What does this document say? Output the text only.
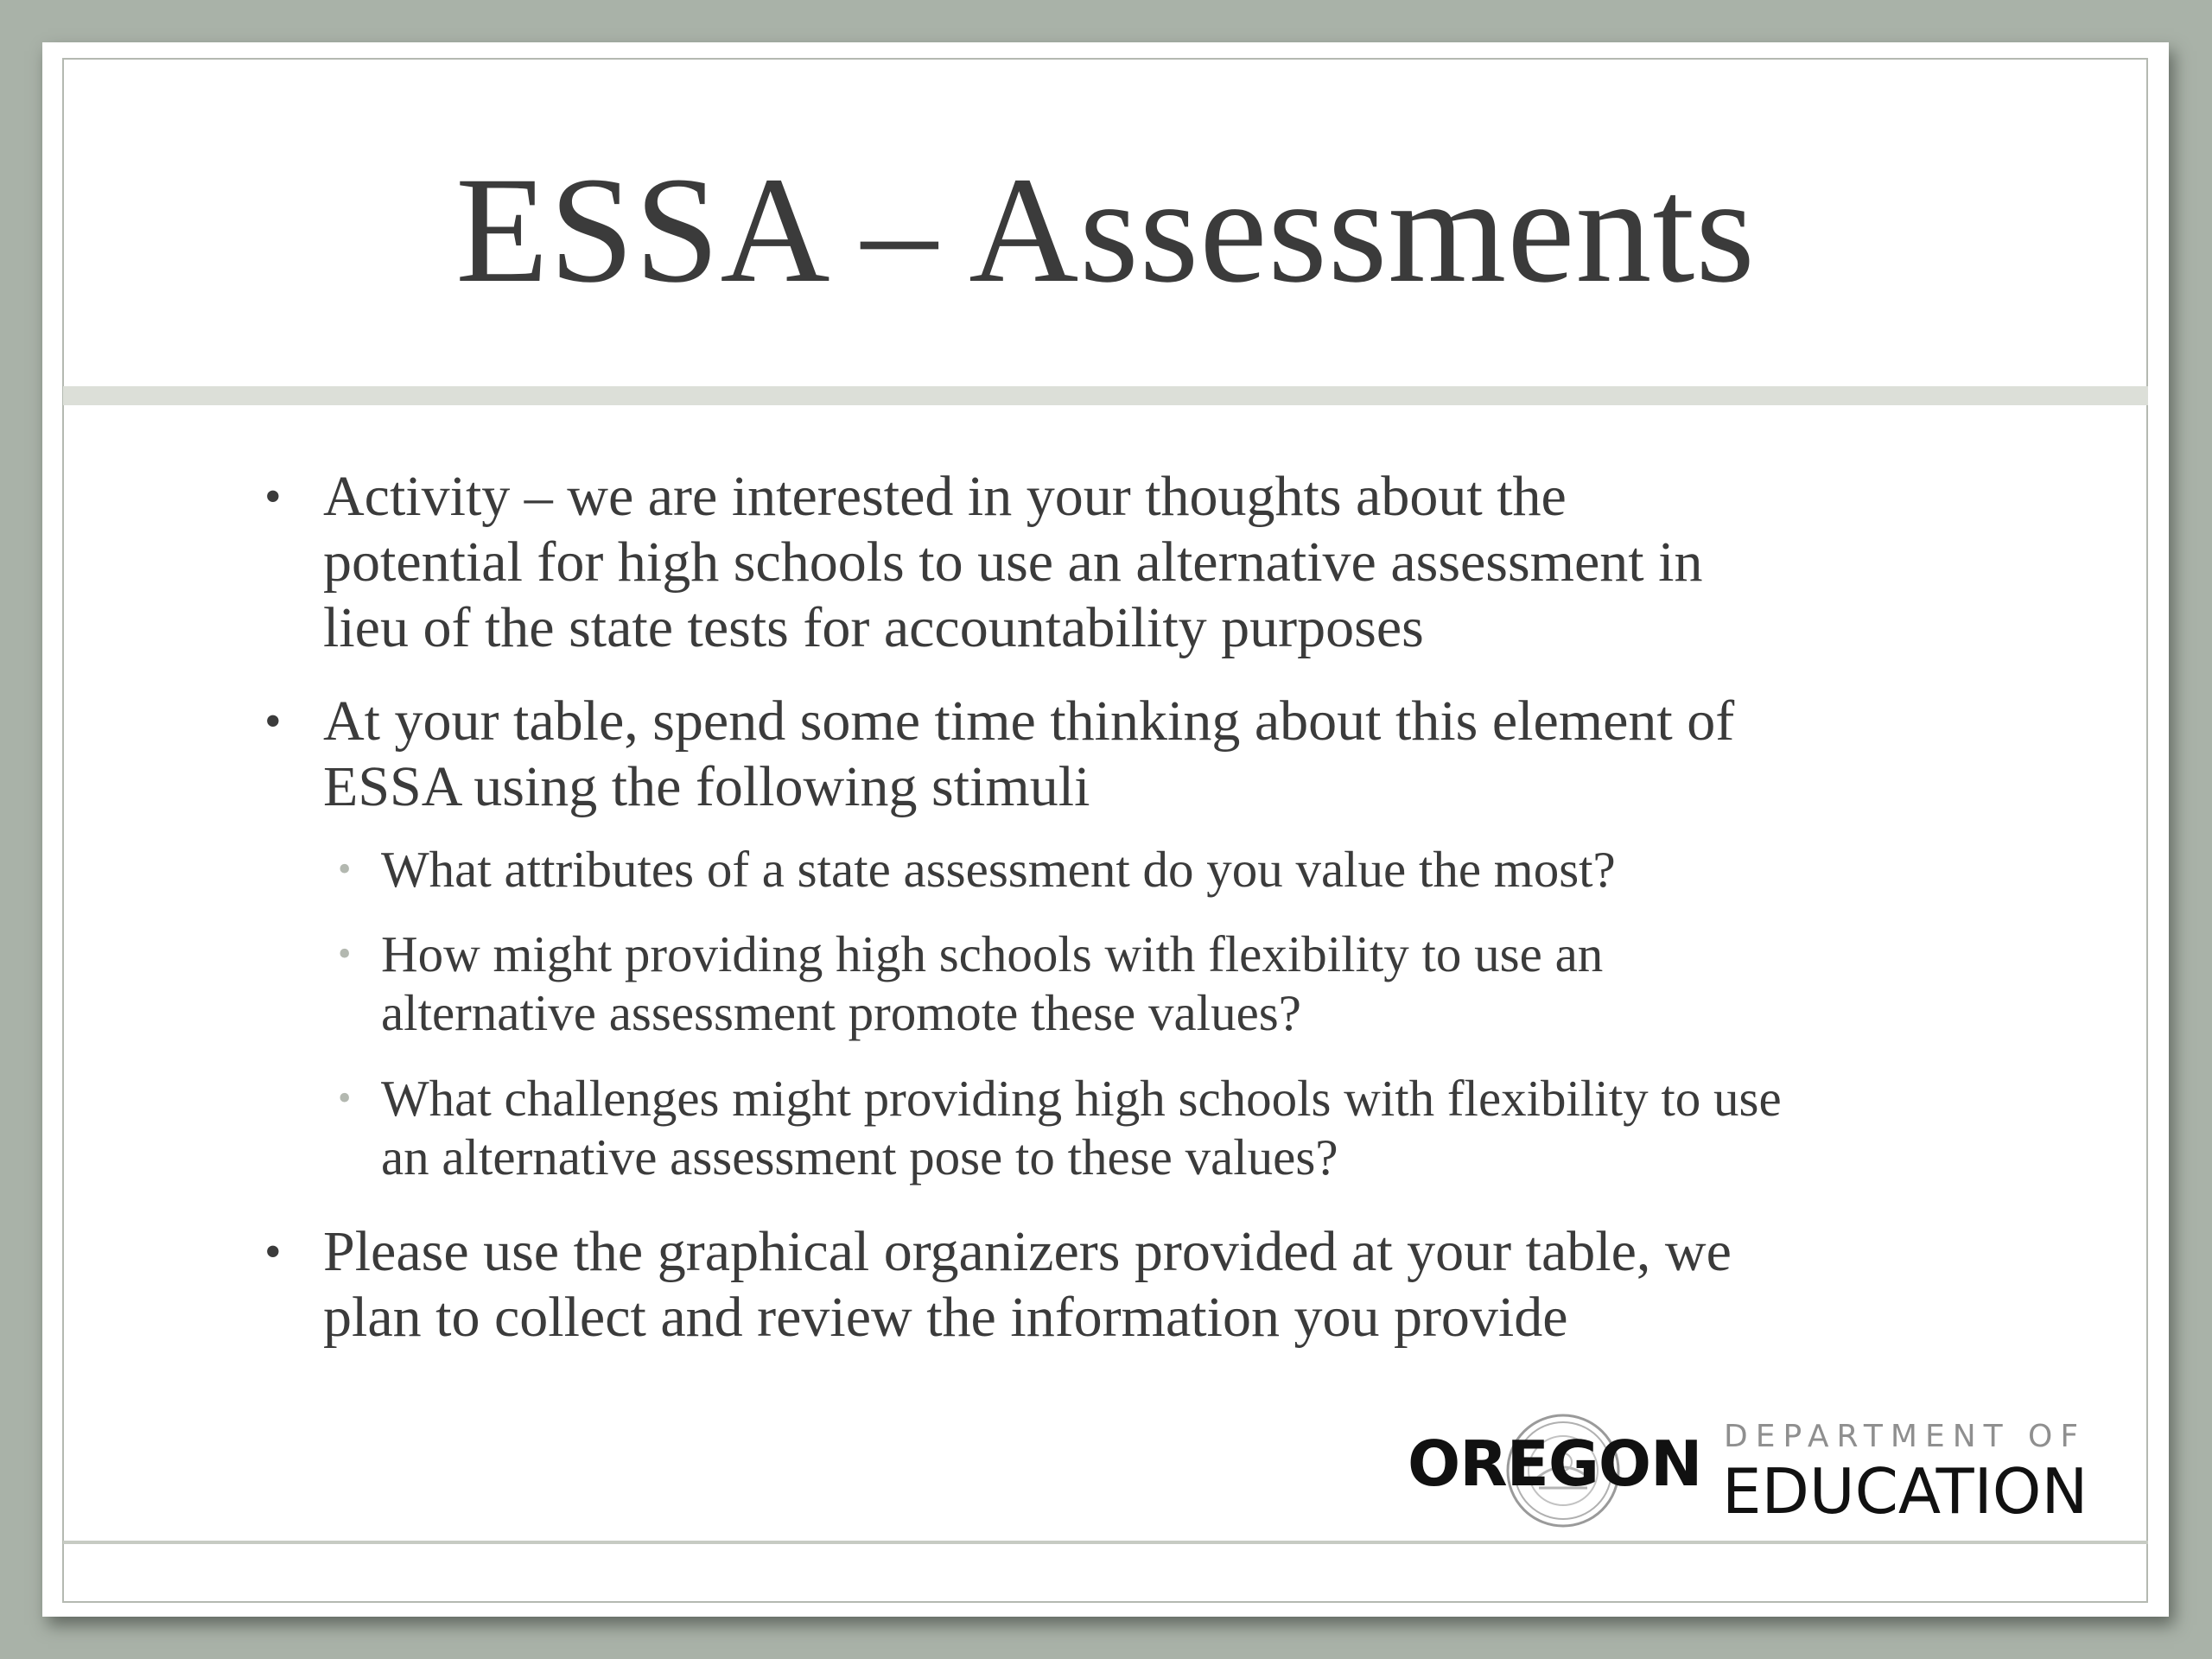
ESSA – Assessments
• Activity – we are interested in your thoughts about the
potential for high schools to use an alternative assessment in
lieu of the state tests for accountability purposes
• At your table, spend some time thinking about this element of
ESSA using the following stimuli
• What attributes of a state assessment do you value the most?
• How might providing high schools with flexibility to use an
alternative assessment promote these values?
• What challenges might providing high schools with flexibility to use
an alternative assessment pose to these values?
• Please use the graphical organizers provided at your table, we
plan to collect and review the information you provide
OREGON DEPARTMENT OF
EDUCATION
